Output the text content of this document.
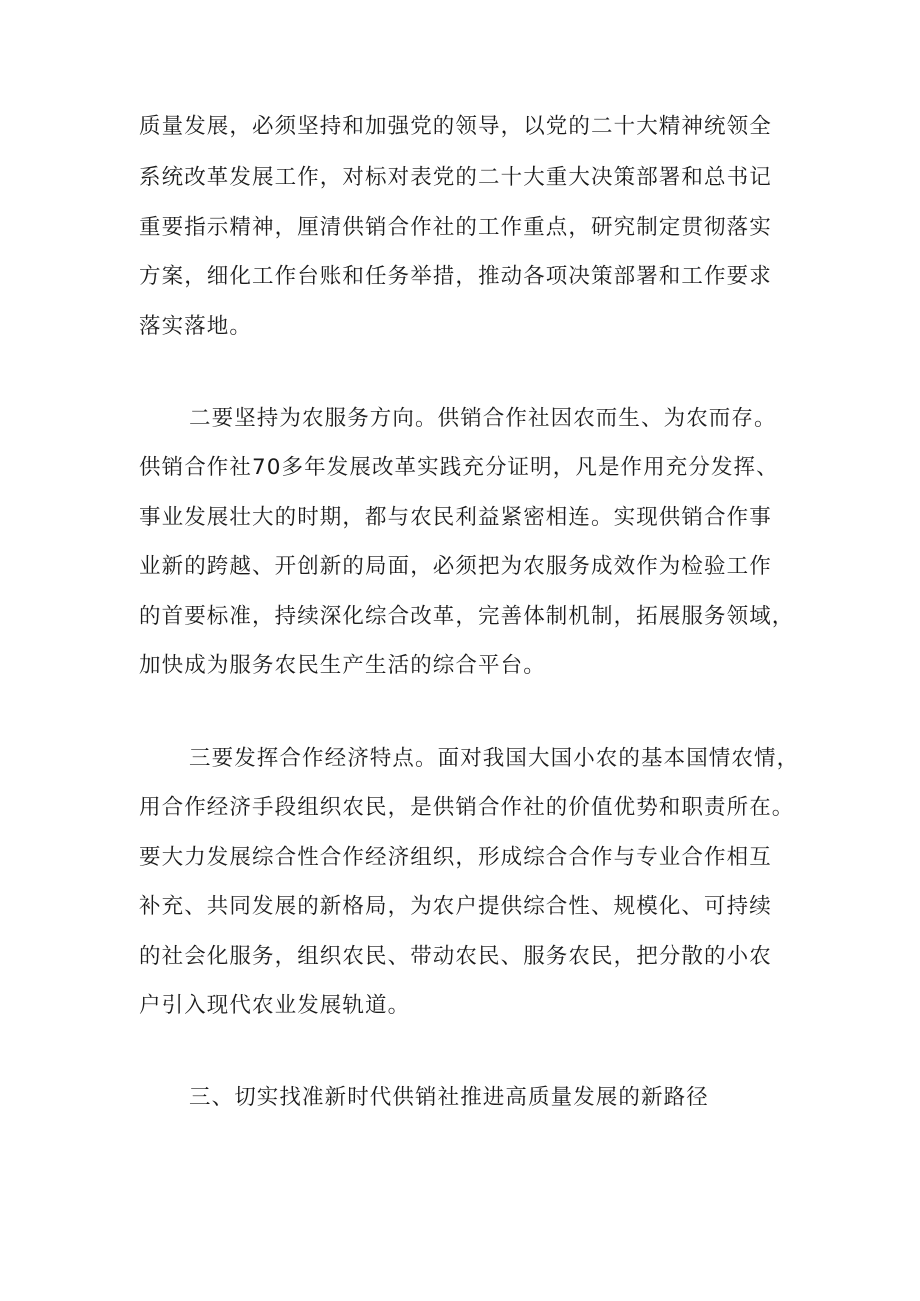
质量发展，必须坚持和加强党的领导，以党的二十大精神统领全
系统改革发展工作，对标对表党的二十大重大决策部署和总书记
重要指示精神，厘清供销合作社的工作重点，研究制定贯彻落实
方案，细化工作台账和任务举措，推动各项决策部署和工作要求
落实落地。
二要坚持为农服务方向。供销合作社因农而生、为农而存。
供销合作社70多年发展改革实践充分证明，凡是作用充分发挥、
事业发展壮大的时期，都与农民利益紧密相连。实现供销合作事
业新的跨越、开创新的局面，必须把为农服务成效作为检验工作
的首要标准，持续深化综合改革，完善体制机制，拓展服务领域，
加快成为服务农民生产生活的综合平台。
三要发挥合作经济特点。面对我国大国小农的基本国情农情，
用合作经济手段组织农民，是供销合作社的价值优势和职责所在。
要大力发展综合性合作经济组织，形成综合合作与专业合作相互
补充、共同发展的新格局，为农户提供综合性、规模化、可持续
的社会化服务，组织农民、带动农民、服务农民，把分散的小农
户引入现代农业发展轨道。
三、切实找准新时代供销社推进高质量发展的新路径
